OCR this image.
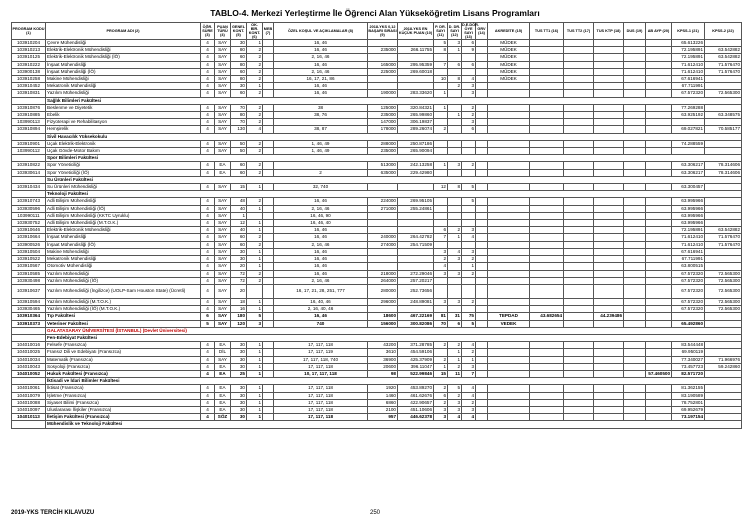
TABLO-4. Merkezi Yerleştirme İle Öğrenci Alan Yükseköğretim Lisans Programları
PROGRAM KODU (1)	PROGRAM ADI (2)	ÖĞR. SÜRE (3)	PUAN TÜRÜ (4)	GENEL KONT. (5)	OK. BİR. KONT. (6)	MEB (7)	ÖZEL KOŞUL VE AÇIKLAMALAR (8)	2018-YKS 0,12 BAŞARI SIRASI (9)	2018-YKS EN KÜÇÜK PUAN (10)	P. DR. SAYI (11)	D. DR. SAYI (12)	D.E.DÖR. ÖYE SAYI (13)	GRV (14)	AKREDİTE (15)	TUS TT1 (16)	TUS TT2 (17)	TUS KTP (18)	DUS (19)	AB AYP (20)	KPSS-1 (21)	KPSS-2 (22)
103910204	Çevre Mühendisliği	4	SAY	30	1		16, 46			5	3	6		MÜDEK						65.613226	
103910213	Elektrik-Elektronik Mühendisliği	4	SAY	80	2		16, 46	235000	266.11755	8	1	9		MÜDEK						72.195891	63.542882
103910125	Elektrik-Elektronik Mühendisliği (İÖ)	4	SAY	60	2		2, 16, 46							MÜDEK						72.195891	63.542882
103910222	İnşaat Mühendisliği	4	SAY	80	2		16, 46	165000	295.95359	7	6	6		MÜDEK						71.612410	71.576470
103900138	İnşaat Mühendisliği (İÖ)	4	SAY	60	2		2, 16, 46	225000	269.60018					MÜDEK						71.612410	71.576470
103910258	Makine Mühendisliği	4	SAY	80	2		16, 17, 21, 86			10	8	4		MÜDEK						67.616941	
103910452	Mekatronik Mühendisliği	4	SAY	30	1		16, 46				2	3								67.711991	
103910831	Yazılım Mühendisliği	4	SAY	60	2		16, 46	190000	283.33620	1		3								67.572320	72.565300
	Sağlık Bilimleri Fakültesi																				
103910876	Beslenme ve Diyetetik	4	SAY	70	2		38	125000	320.84321	1		2								77.269288	
103910885	Ebelik	4	SAY	80	2		38, 76	235000	265.99860		1	2								63.925192	63.348575
103990113	Fizyoterapi ve Rehabilitasyon	4	SAY	70	2			147000	306.19837			3									
103910894	Hemşirelik	4	SAY	130	4		38, 87	178000	289.26074	2		6								69.027821	70.585177
	Sivil Havacılık Yüksekokulu																				
103910901	Uçak Elektrik-Elektronik	4	SAY	50	2		1, 46, 49	288000	250.87186											74.288559	
103990112	Uçak Gövde-Motor Bakım	4	SAY	50	2		1, 46, 49	235000	265.90094												
	Spor Bilimleri Fakültesi																				
103910822	Spor Yöneticiliği	4	EA	60	2			513000	242.13258	1	3	2								63.306217	78.314606
103930614	Spor Yöneticiliği (İÖ)	4	EA	60	2		2	635000	229.42980											63.306217	78.314606
	Su Ürünleri Fakültesi																				
103910434	Su Ürünleri Mühendisliği	4	SAY	15	1		32, 740			12	8	5								63.300457	
	Teknoloji Fakültesi																				
103910743	Adli Bilişim Mühendisliği	4	SAY	48	2		16, 46	224000	269.95105			5								63.995966	
103930596	Adli Bilişim Mühendisliği (İÖ)	4	SAY	40	1		2, 16, 46	271000	255.24861											63.995966	
103990111	Adli Bilişim Mühendisliği (KKTC Uyruklu)	4	SAY	1			16, 46, 90													63.995966	
103930752	Adli Bilişim Mühendisliği (M.T.O.K.)	4	SAY	12	1		16, 46, 40													63.995966	
103910646	Elektrik-Elektronik Mühendisliği	4	SAY	40	1		16, 46			6	2	3								72.195891	63.542882
103910664	İnşaat Mühendisliği	4	SAY	60	2		16, 46	240000	264.42782	7	1	4								71.612410	71.576470
103900526	İnşaat Mühendisliği (İÖ)	4	SAY	60	2		2, 16, 46	274000	254.71509											71.612410	71.576470
103910504	Makine Mühendisliği	4	SAY	30	1		16, 46			3	4	3								67.616941	
103910522	Mekatronik Mühendisliği	4	SAY	30	1		16, 46			2	3	2								67.711991	
103910567	Otomotiv Mühendisliği	4	SAY	20	1		16, 46			4		1								63.800515	
103910585	Yazılım Mühendisliği	4	SAY	72	2		16, 46	218000	272.29046	3	3	2								67.572320	72.565300
103930498	Yazılım Mühendisliği (İÖ)	4	SAY	72	2		2, 16, 46	264000	257.20217											67.572320	72.565300
103910637	Yazılım Mühendisliği (İngilizce) (UOLP-Sam Houston State) (Ücretli)	4	SAY	20			16, 17, 21, 28, 251, 777	280000	252.73656											67.572320	72.565300
103910594	Yazılım Mühendisliği (M.T.O.K.)	4	SAY	18	1		16, 40, 46	296000	248.89081	3	3	2								67.572320	72.565300
103930465	Yazılım Mühendisliği (İÖ) (M.T.O.K.)	4	SAY	16	1		2, 16, 40, 46													67.572320	72.565300
103910364	Tıp Fakültesi	6	SAY	180	5		16, 46	18600	467.22169	81	31	75		TEPDAD	43.682654		44.239486				
103910373	Veteriner Fakültesi	5	SAY	120	3		740	156000	300.82086	70	6	5		VEDEK						65.492860	
	GALATASARAY ÜNİVERSİTESİ (İSTANBUL) (Devlet Üniversitesi)																				
	Fen-Edebiyat Fakültesi																				
104010016	Felsefe (Fransızca)	4	EA	30	1		17, 117, 118	43200	371.28785	2	2	4								83.544448	
104010025	Fransız Dili ve Edebiyatı (Fransızca)	4	DİL	30	1		17, 117, 119	3610	454.59106		1	2								69.950119	
104010034	Matematik (Fransızca)	4	SAY	30	1		17, 117, 118, 740	36900	425.37909	2	1	1								77.340027	71.966976
104010043	Sosyoloji (Fransızca)	4	EA	30	1		17, 117, 118	20600	396.11047	1	2	3								73.457723	59.242860
104010052	Hukuk Fakültesi (Fransızca)	4	EA	25	1		10, 17, 117, 118	98	522.99846	15	11	7							57.460500	82.571720	
	İktisadi ve İdari Bilimler Fakültesi																				
104010061	İktisat (Fransızca)	4	EA	30	1		17, 117, 118	1920	453.89270	2	5	4								81.362155	
104010079	İşletme (Fransızca)	4	EA	30	1		17, 117, 118	1460	461.62676	6	2	4								83.190589	
104010088	Siyaset Bilimi (Fransızca)	4	EA	30	1		17, 117, 118	6860	422.90657	2	3	2								78.752801	
104010097	Uluslararası İlişkiler (Fransızca)	4	EA	30	1		17, 117, 118	2100	451.10606	3	3	3								69.952679	
104010113	İletişim Fakültesi (Fransızca)	4	SÖZ	30	1		17, 117, 118	957	446.62378	3	4	4								73.197154	
	Mühendislik ve Teknoloji Fakültesi																				
2019-YKS TERCİH KILAVUZU	250
